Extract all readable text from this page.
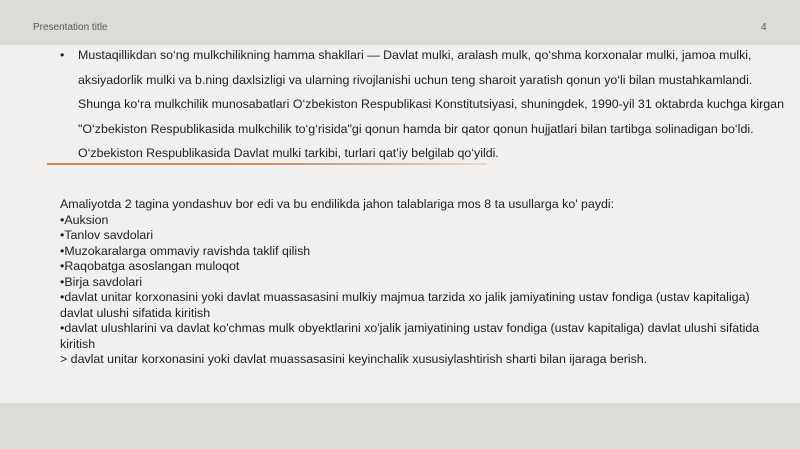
Presentation title	4
• Mustaqillikdan so‘ng mulkchilikning hamma shakllari — Davlat mulki, aralash mulk, qo‘shma korxonalar mulki, jamoa mulki, aksiyadorlik mulki va b.ning daxlsizligi va ularning rivojlanishi uchun teng sharoit yaratish qonun yo‘li bilan mustahkamlandi. Shunga ko‘ra mulkchilik munosabatlari O‘zbekiston Respublikasi Konstitutsiyasi, shuningdek, 1990-yil 31 oktabrda kuchga kirgan "O‘zbekiston Respublikasida mulkchilik to‘g‘risida"gi qonun hamda bir qator qonun hujjatlari bilan tartibga solinadigan bo‘ldi. O‘zbekiston Respublikasida Davlat mulki tarkibi, turlari qat’iy belgilab qo‘yildi.
Amaliyotda 2 tagina yondashuv bor edi va bu endilikda jahon talablariga mos 8 ta usullarga ko' paydi:
•Auksion
•Tanlov savdolari
•Muzokaralarga ommaviy ravishda taklif qilish
•Raqobatga asoslangan muloqot
•Birja savdolari
•davlat unitar korxonasini yoki davlat muassasasini mulkiy majmua tarzida xo jalik jamiyatining ustav fondiga (ustav kapitaliga) davlat ulushi sifatida kiritish
•davlat ulushlarini va davlat ko'chmas mulk obyektlarini xo'jalik jamiyatining ustav fondiga (ustav kapitaliga) davlat ulushi sifatida kiritish
> davlat unitar korxonasini yoki davlat muassasasini keyinchalik xususiylashtirish sharti bilan ijaraga berish.
